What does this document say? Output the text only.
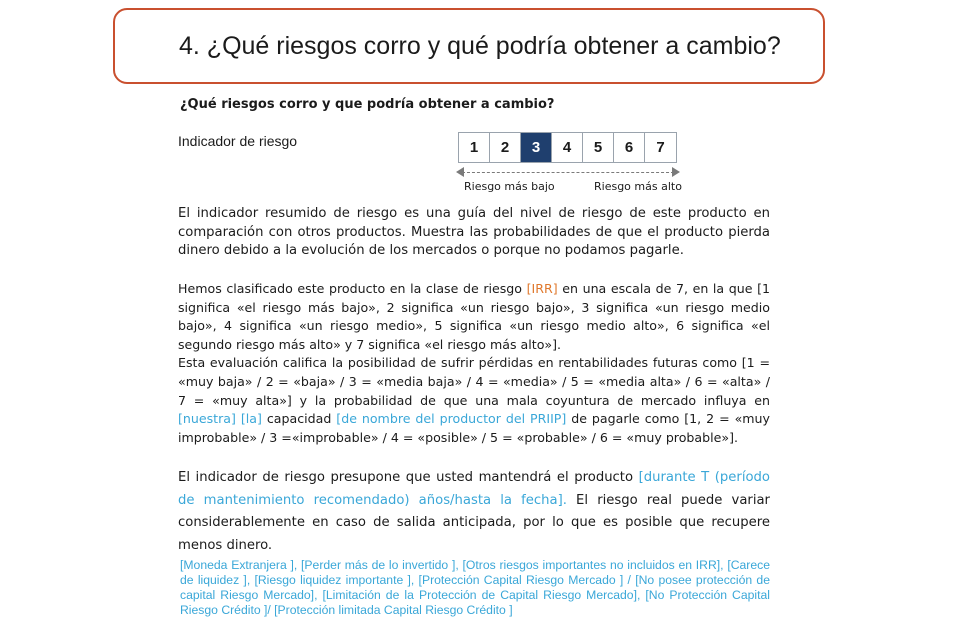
4. ¿Qué riesgos corro y qué podría obtener a cambio?
¿Qué riesgos corro y que podría obtener a cambio?
Indicador de riesgo	1	2	3	4	5	6	7
Riesgo más bajo	Riesgo más alto
El indicador resumido de riesgo es una guía del nivel de riesgo de este producto en comparación con otros productos. Muestra las probabilidades de que el producto pierda dinero debido a la evolución de los mercados o porque no podamos pagarle.
Hemos clasificado este producto en la clase de riesgo [IRR] en una escala de 7, en la que [1 significa «el riesgo más bajo», 2 significa «un riesgo bajo», 3 significa «un riesgo medio bajo», 4 significa «un riesgo medio», 5 significa «un riesgo medio alto», 6 significa «el segundo riesgo más alto» y 7 significa «el riesgo más alto»].
Esta evaluación califica la posibilidad de sufrir pérdidas en rentabilidades futuras como [1 = «muy baja» / 2 = «baja» / 3 = «media baja» / 4 = «media» / 5 = «media alta» / 6 = «alta» / 7 = «muy alta»] y la probabilidad de que una mala coyuntura de mercado influya en [nuestra] [la] capacidad [de nombre del productor del PRIIP] de pagarle como [1, 2 = «muy improbable» / 3 =«improbable» / 4 = «posible» / 5 = «probable» / 6 = «muy probable»].
El indicador de riesgo presupone que usted mantendrá el producto [durante T (período de mantenimiento recomendado) años/hasta la fecha]. El riesgo real puede variar considerablemente en caso de salida anticipada, por lo que es posible que recupere menos dinero.
[Moneda Extranjera ], [Perder más de lo invertido ], [Otros riesgos importantes no incluidos en IRR], [Carece de liquidez ], [Riesgo liquidez importante ], [Protección Capital Riesgo Mercado ] / [No posee protección de capital Riesgo Mercado], [Limitación de la Protección de Capital Riesgo Mercado], [No Protección Capital Riesgo Crédito ]/ [Protección limitada Capital Riesgo Crédito ]
